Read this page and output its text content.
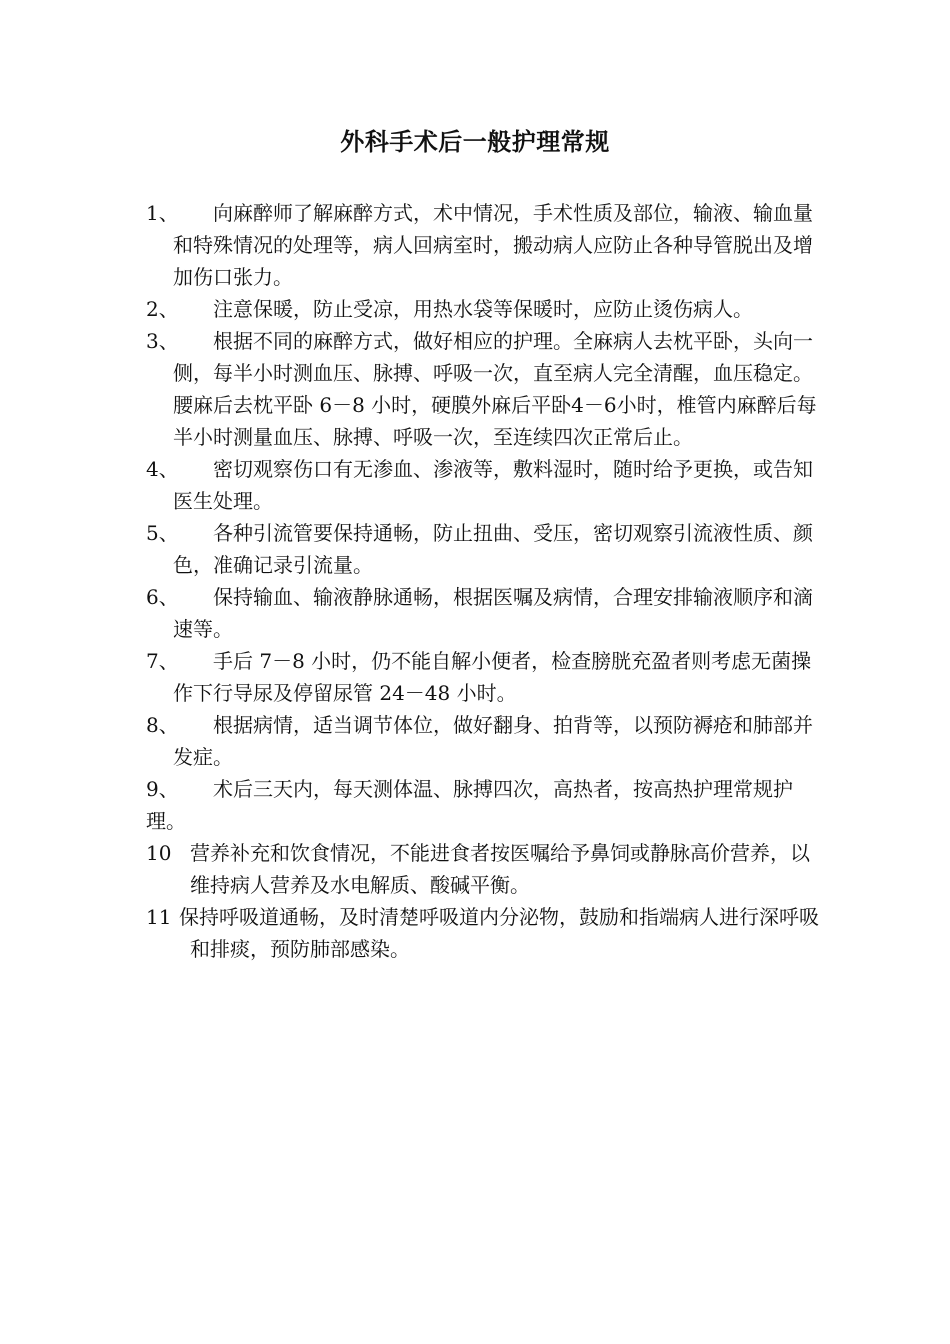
外科手术后一般护理常规

1、	向麻醉师了解麻醉方式，术中情况，手术性质及部位，输液、输血量和特殊情况的处理等，病人回病室时，搬动病人应防止各种导管脱出及增加伤口张力。

2、	注意保暖，防止受凉，用热水袋等保暖时，应防止烫伤病人。

3、	根据不同的麻醉方式，做好相应的护理。全麻病人去枕平卧，头向一侧，每半小时测血压、脉搏、呼吸一次，直至病人完全清醒，血压稳定。腰麻后去枕平卧 6－8 小时，硬膜外麻后平卧4－6小时，椎管内麻醉后每半小时测量血压、脉搏、呼吸一次，至连续四次正常后止。

4、	密切观察伤口有无渗血、渗液等，敷料湿时，随时给予更换，或告知医生处理。

5、	各种引流管要保持通畅，防止扭曲、受压，密切观察引流液性质、颜色，准确记录引流量。

6、	保持输血、输液静脉通畅，根据医嘱及病情，合理安排输液顺序和滴速等。

7、	手后 7－8 小时，仍不能自解小便者，检查膀胱充盈者则考虑无菌操作下行导尿及停留尿管 24－48 小时。

8、	根据病情，适当调节体位，做好翻身、拍背等，以预防褥疮和肺部并发症。

9、	术后三天内，每天测体温、脉搏四次，高热者，按高热护理常规护理。

10 营养补充和饮食情况，不能进食者按医嘱给予鼻饲或静脉高价营养，以维持病人营养及水电解质、酸碱平衡。

11 保持呼吸道通畅，及时清楚呼吸道内分泌物，鼓励和指端病人进行深呼吸和排痰，预防肺部感染。
